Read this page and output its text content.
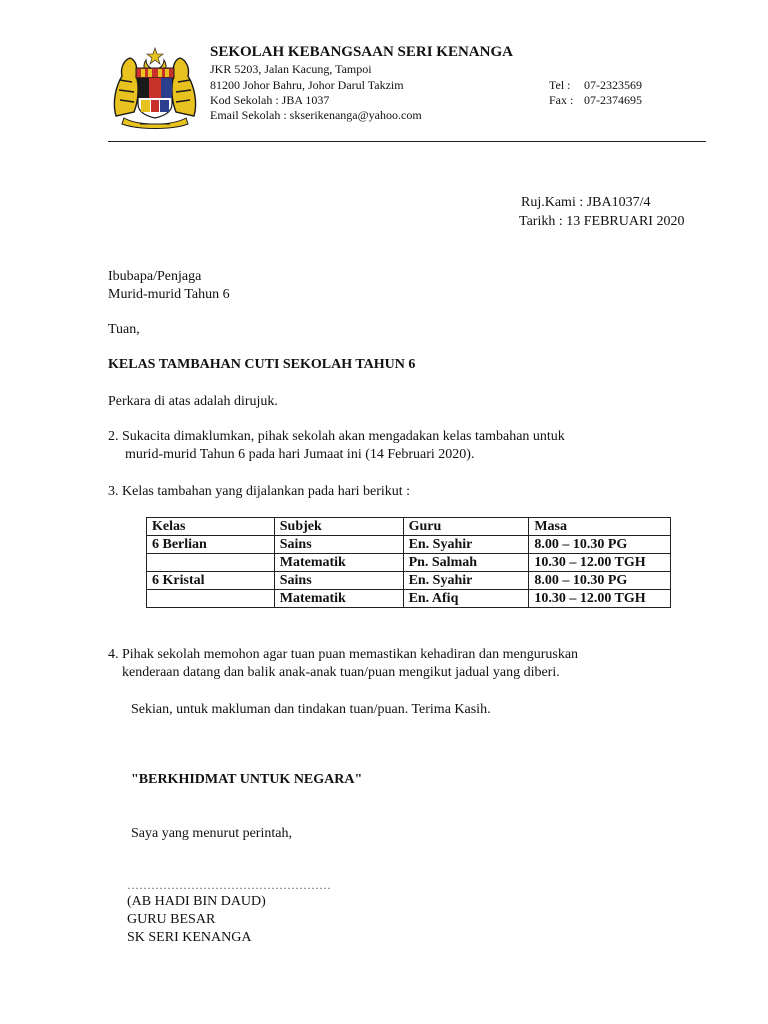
SEKOLAH KEBANGSAAN SERI KENANGA
JKR 5203, Jalan Kacung, Tampoi
81200 Johor Bahru, Johor Darul Takzim
Kod Sekolah : JBA 1037
Email Sekolah : skserikenanga@yahoo.com
Tel : 07-2323569
Fax : 07-2374695
Ruj.Kami : JBA1037/4
Tarikh : 13 FEBRUARI 2020
Ibubapa/Penjaga
Murid-murid Tahun 6
Tuan,
KELAS TAMBAHAN CUTI SEKOLAH TAHUN 6
Perkara di atas adalah dirujuk.
2. Sukacita dimaklumkan, pihak sekolah akan mengadakan kelas tambahan untuk
murid-murid Tahun 6 pada hari Jumaat ini (14 Februari 2020).
3. Kelas tambahan yang dijalankan pada hari berikut :
Kelas	Subjek	Guru	Masa
6 Berlian	Sains	En. Syahir	8.00 – 10.30 PG
	Matematik	Pn. Salmah	10.30 – 12.00 TGH
6 Kristal	Sains	En. Syahir	8.00 – 10.30 PG
	Matematik	En. Afiq	10.30 – 12.00 TGH
4. Pihak sekolah memohon agar tuan puan memastikan kehadiran dan menguruskan
kenderaan datang dan balik anak-anak tuan/puan mengikut jadual yang diberi.
Sekian, untuk makluman dan tindakan tuan/puan. Terima Kasih.
"BERKHIDMAT UNTUK NEGARA"
Saya yang menurut perintah,
……………………………………………
(AB HADI BIN DAUD)
GURU BESAR
SK SERI KENANGA
